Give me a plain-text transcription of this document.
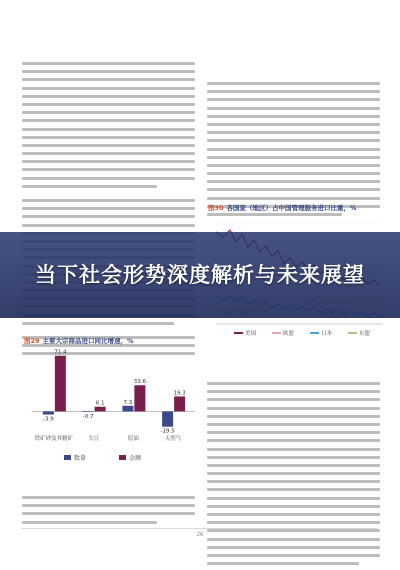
图30 各国家（地区）占中国管理服务进口比重，%
美国	欧盟	日本	东盟
图29 主要大宗商品进口同比增速，%
-3.9
71.4
铁矿砂及其精矿
-0.7
6.1
大豆
7.3
33.6
原油
-19.5
19.3
天然气
数量	金额
26
当下社会形势深度解析与未来展望
